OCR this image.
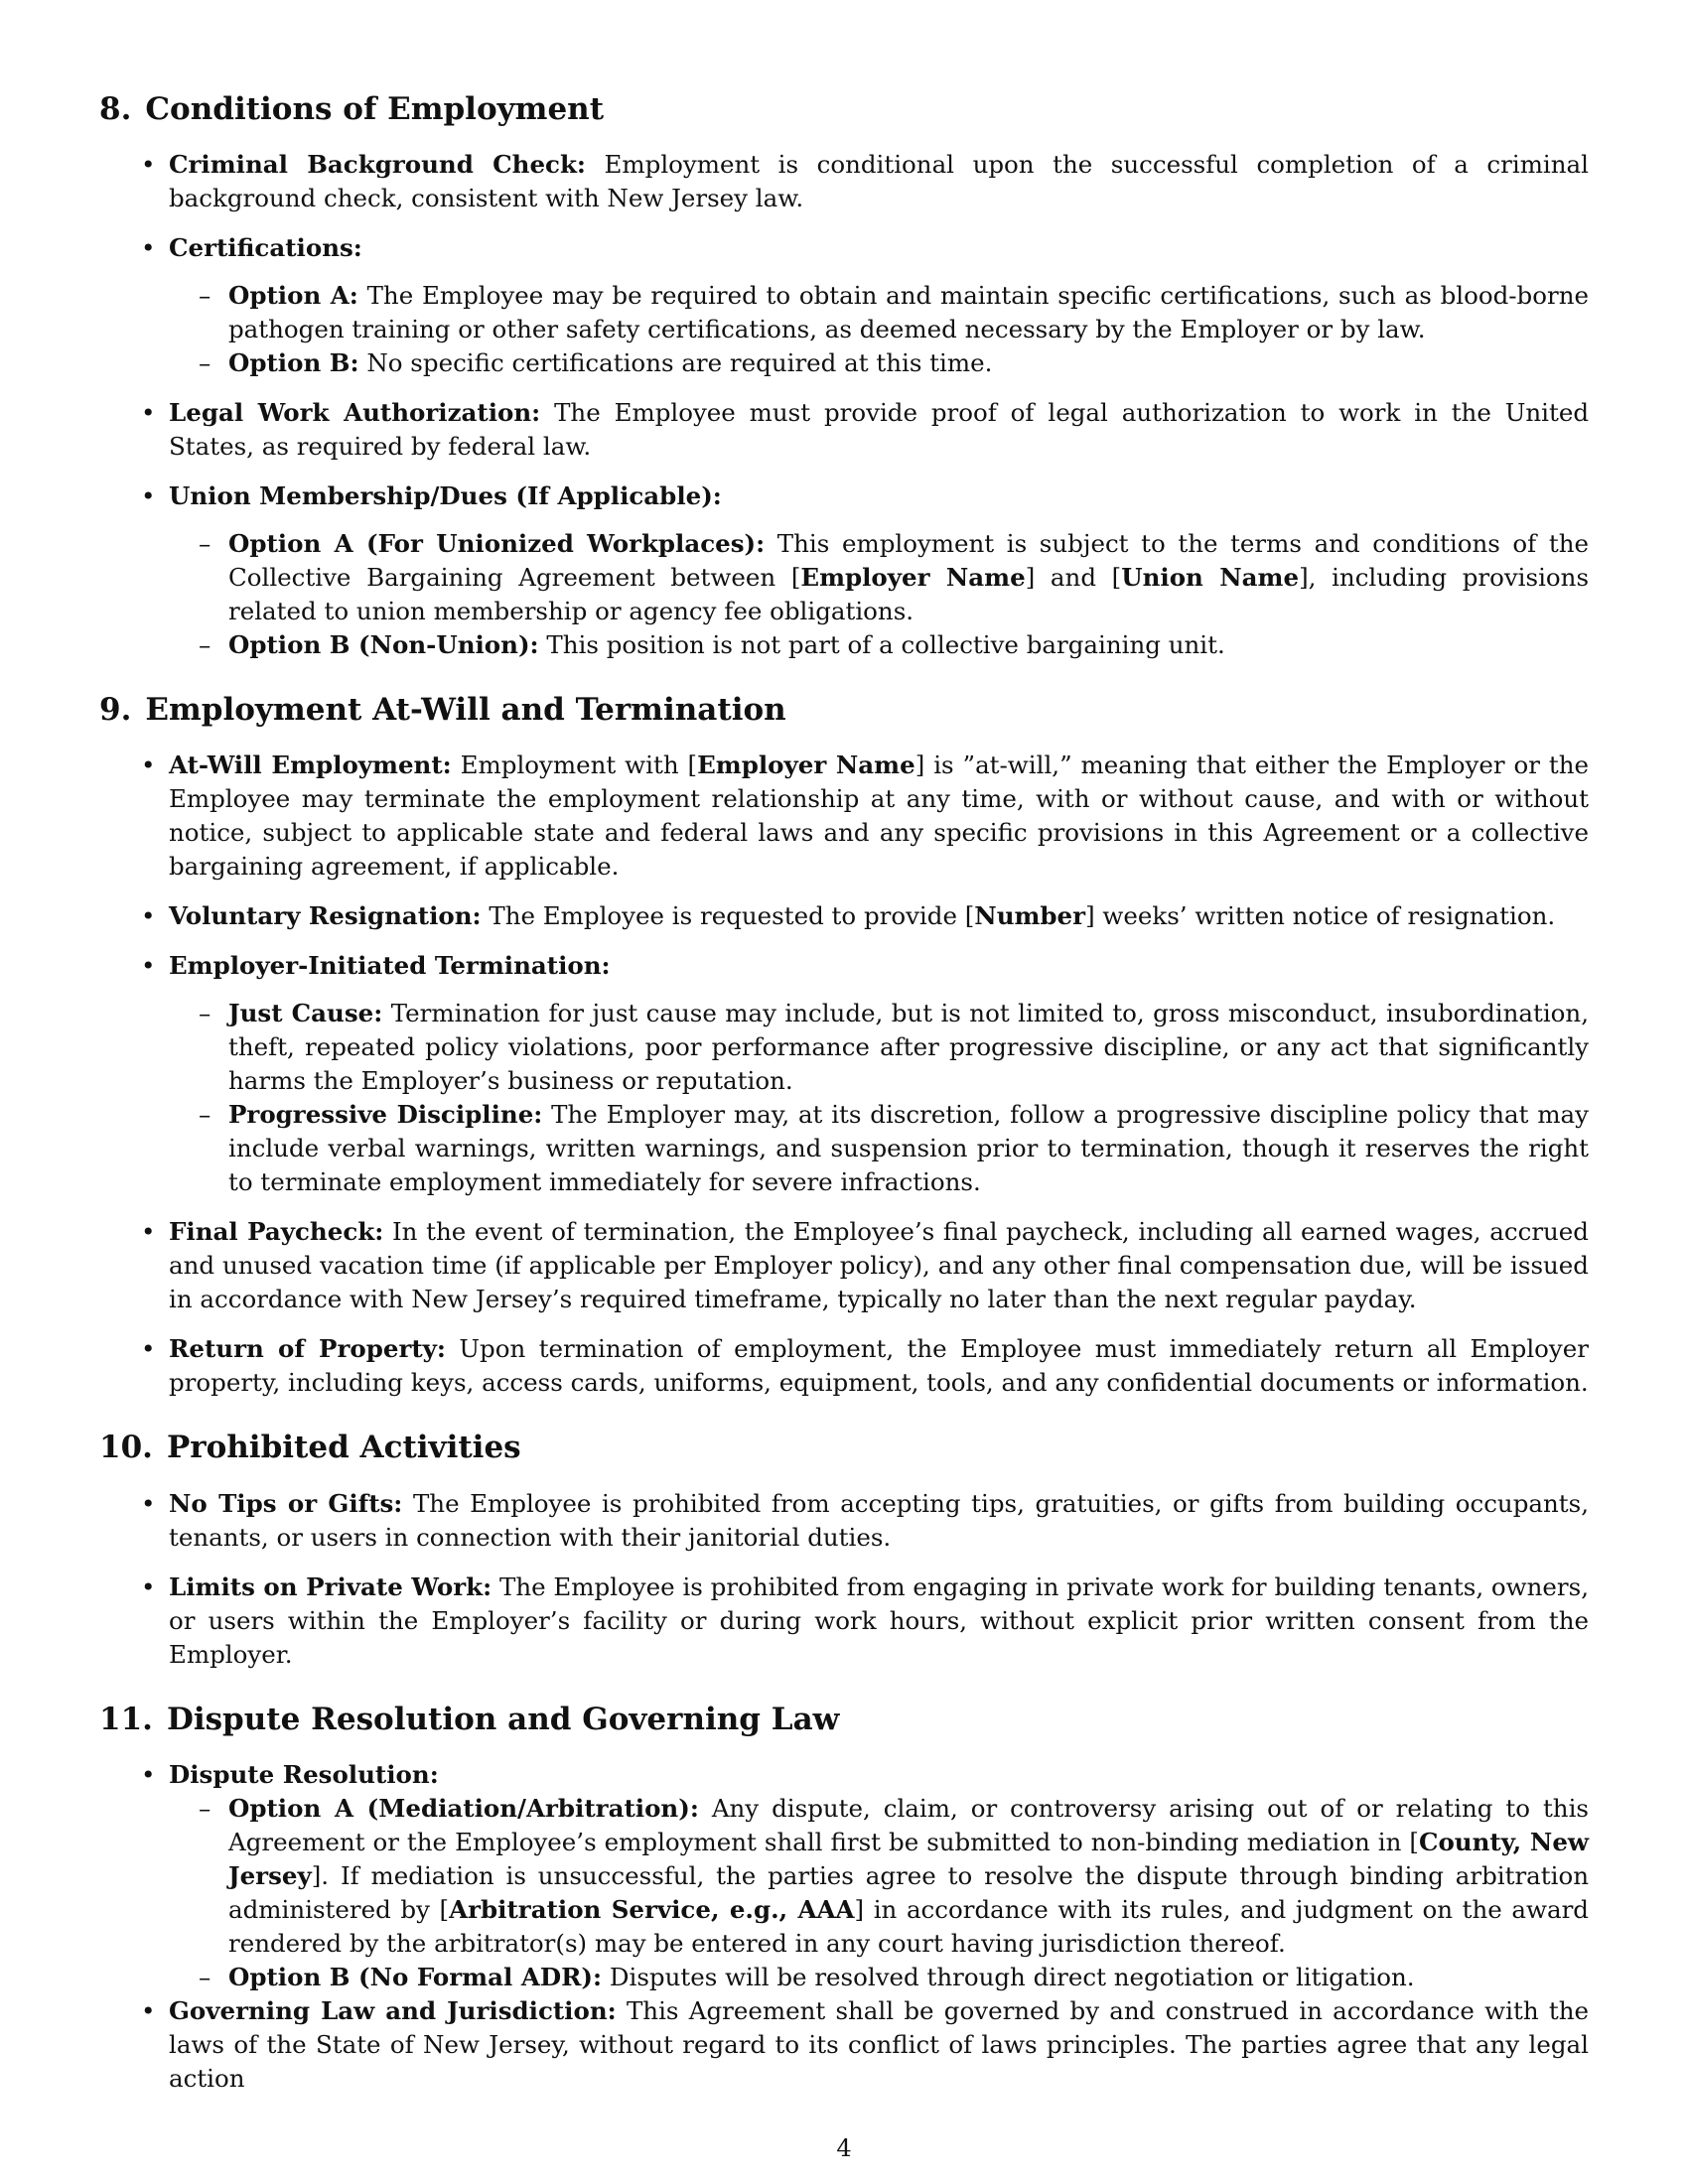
8. Conditions of Employment
• Criminal Background Check: Employment is conditional upon the successful completion of a criminal background check, consistent with New Jersey law.
• Certifications:
– Option A: The Employee may be required to obtain and maintain specific certifications, such as blood-borne pathogen training or other safety certifications, as deemed necessary by the Employer or by law.
– Option B: No specific certifications are required at this time.
• Legal Work Authorization: The Employee must provide proof of legal authorization to work in the United States, as required by federal law.
• Union Membership/Dues (If Applicable):
– Option A (For Unionized Workplaces): This employment is subject to the terms and conditions of the Collective Bargaining Agreement between [Employer Name] and [Union Name], including provisions related to union membership or agency fee obligations.
– Option B (Non-Union): This position is not part of a collective bargaining unit.
9. Employment At-Will and Termination
• At-Will Employment: Employment with [Employer Name] is ”at-will,” meaning that either the Employer or the Employee may terminate the employment relationship at any time, with or without cause, and with or without notice, subject to applicable state and federal laws and any specific provisions in this Agreement or a collective bargaining agreement, if applicable.
• Voluntary Resignation: The Employee is requested to provide [Number] weeks’ written notice of resignation.
• Employer-Initiated Termination:
– Just Cause: Termination for just cause may include, but is not limited to, gross misconduct, insubordination, theft, repeated policy violations, poor performance after progressive discipline, or any act that significantly harms the Employer’s business or reputation.
– Progressive Discipline: The Employer may, at its discretion, follow a progressive discipline policy that may include verbal warnings, written warnings, and suspension prior to termination, though it reserves the right to terminate employment immediately for severe infractions.
• Final Paycheck: In the event of termination, the Employee’s final paycheck, including all earned wages, accrued and unused vacation time (if applicable per Employer policy), and any other final compensation due, will be issued in accordance with New Jersey’s required timeframe, typically no later than the next regular payday.
• Return of Property: Upon termination of employment, the Employee must immediately return all Employer property, including keys, access cards, uniforms, equipment, tools, and any confidential documents or information.
10. Prohibited Activities
• No Tips or Gifts: The Employee is prohibited from accepting tips, gratuities, or gifts from building occupants, tenants, or users in connection with their janitorial duties.
• Limits on Private Work: The Employee is prohibited from engaging in private work for building tenants, owners, or users within the Employer’s facility or during work hours, without explicit prior written consent from the Employer.
11. Dispute Resolution and Governing Law
• Dispute Resolution:
– Option A (Mediation/Arbitration): Any dispute, claim, or controversy arising out of or relating to this Agreement or the Employee’s employment shall first be submitted to non-binding mediation in [County, New Jersey]. If mediation is unsuccessful, the parties agree to resolve the dispute through binding arbitration administered by [Arbitration Service, e.g., AAA] in accordance with its rules, and judgment on the award rendered by the arbitrator(s) may be entered in any court having jurisdiction thereof.
– Option B (No Formal ADR): Disputes will be resolved through direct negotiation or litigation.
• Governing Law and Jurisdiction: This Agreement shall be governed by and construed in accordance with the laws of the State of New Jersey, without regard to its conflict of laws principles. The parties agree that any legal action
4
